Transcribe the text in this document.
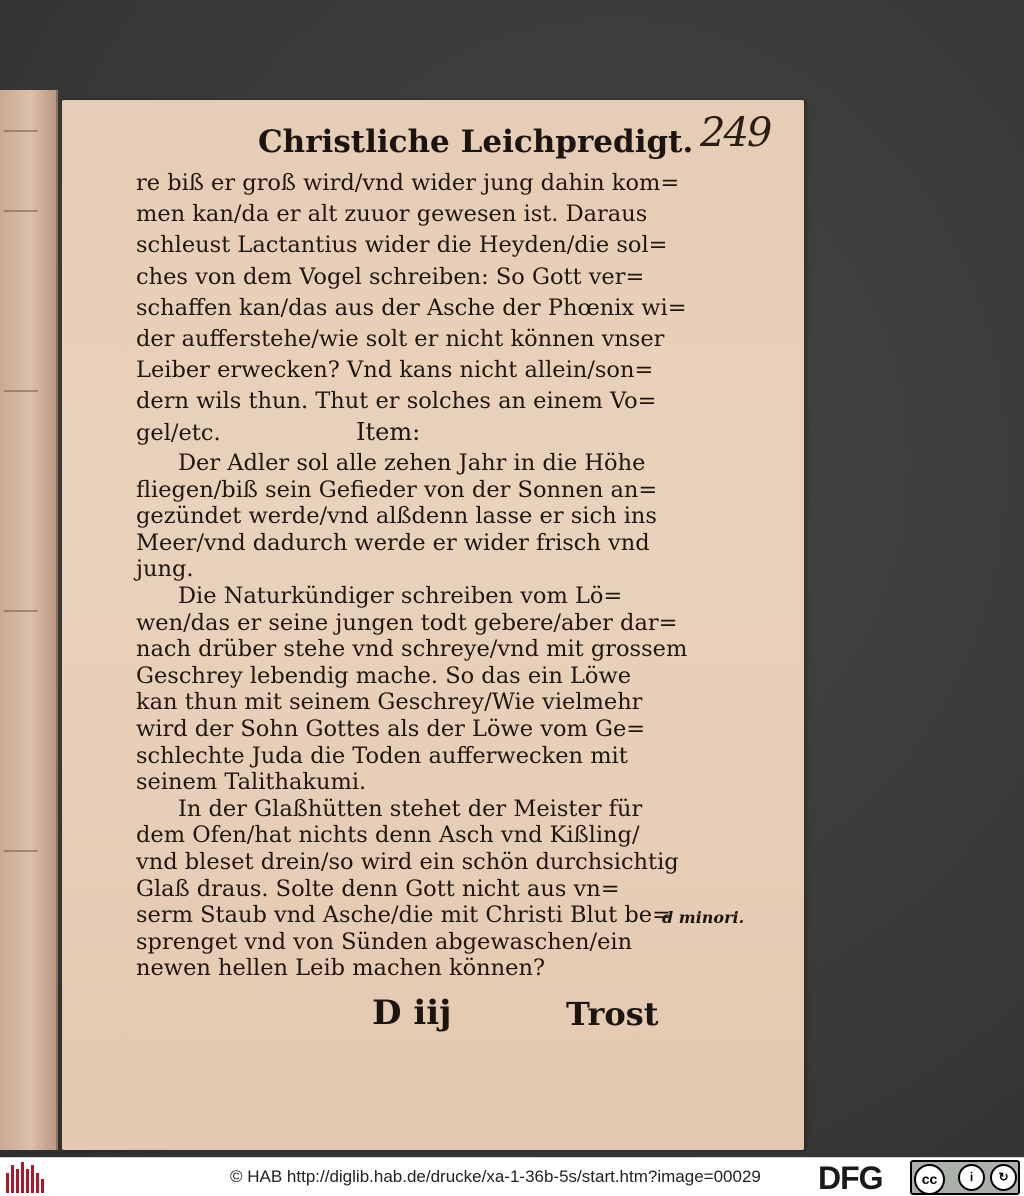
249
Christliche Leichpredigt.
re biß er groß wird/vnd wider jung dahin kom=
men kan/da er alt zuuor gewesen ist. Daraus
schleust Lactantius wider die Heyden/die sol=
ches von dem Vogel schreiben: So Gott ver=
schaffen kan/das aus der Asche der Phœnix wi=
der aufferstehe/wie solt er nicht können vnser
Leiber erwecken? Vnd kans nicht allein/son=
dern wils thun. Thut er solches an einem Vo=
gel/etc.	Item:
Der Adler sol alle zehen Jahr in die Höhe
fliegen/biß sein Gefieder von der Sonnen an=
gezündet werde/vnd alßdenn lasse er sich ins
Meer/vnd dadurch werde er wider frisch vnd
jung.
Die Naturkündiger schreiben vom Lö=
wen/das er seine jungen todt gebere/aber dar=
nach drüber stehe vnd schreye/vnd mit grossem
Geschrey lebendig mache. So das ein Löwe
kan thun mit seinem Geschrey/Wie vielmehr
wird der Sohn Gottes als der Löwe vom Ge=
schlechte Juda die Toden aufferwecken mit
seinem Talithakumi.
In der Glaßhütten stehet der Meister für
dem Ofen/hat nichts denn Asch vnd Kißling/
vnd bleset drein/so wird ein schön durchsichtig
Glaß draus. Solte denn Gott nicht aus vn=
serm Staub vnd Asche/die mit Christi Blut be=
sprenget vnd von Sünden abgewaschen/ein
newen hellen Leib machen können?
d minori.
D iij	Trost
© HAB http://diglib.hab.de/drucke/xa-1-36b-5s/start.htm?image=00029 DFG	cc	i	↻
